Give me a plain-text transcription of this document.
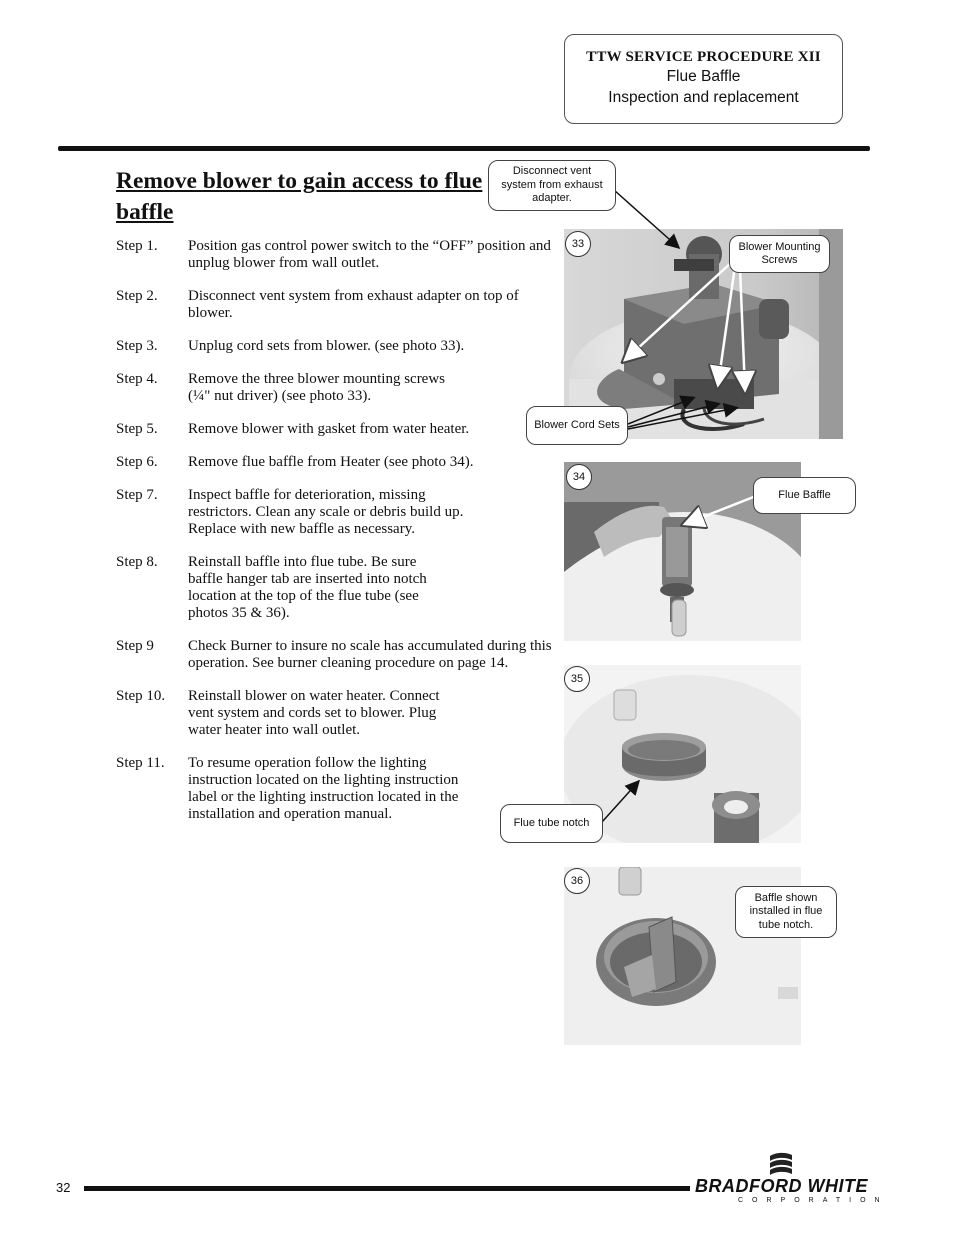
TTW SERVICE PROCEDURE XII
Flue Baffle
Inspection and replacement
Remove blower to gain access to flue baffle
Step 1.	Position gas control power switch to the “OFF” position and unplug blower from wall outlet.
Step 2.	Disconnect vent system from exhaust adapter on top of blower.
Step 3.	Unplug cord sets from blower. (see photo 33).
Step 4.	Remove the three blower mounting screws (¼" nut driver) (see photo 33).
Step 5.	Remove blower with gasket from water heater.
Step 6.	Remove flue baffle from Heater (see photo 34).
Step 7.	Inspect baffle for deterioration, missing restrictors. Clean any scale or debris build up. Replace with new baffle as necessary.
Step 8.	Reinstall baffle into flue tube. Be sure baffle hanger tab are inserted into notch location at the top of the flue tube (see photos 35 & 36).
Step 9	Check Burner to insure no scale has accumulated during this operation. See burner cleaning procedure on page 14.
Step 10.	Reinstall blower on water heater. Connect vent system and cords set to blower. Plug water heater into wall outlet.
Step 11.	To resume operation follow the lighting instruction located on the lighting instruction label or the lighting instruction located in the installation and operation manual.
33
34
35
36
Disconnect vent system from exhaust adapter.
Blower Mounting Screws
Blower Cord Sets
Flue Baffle
Flue tube notch
Baffle shown installed in flue tube notch.
32	BRADFORD WHITE
CORPORATION
